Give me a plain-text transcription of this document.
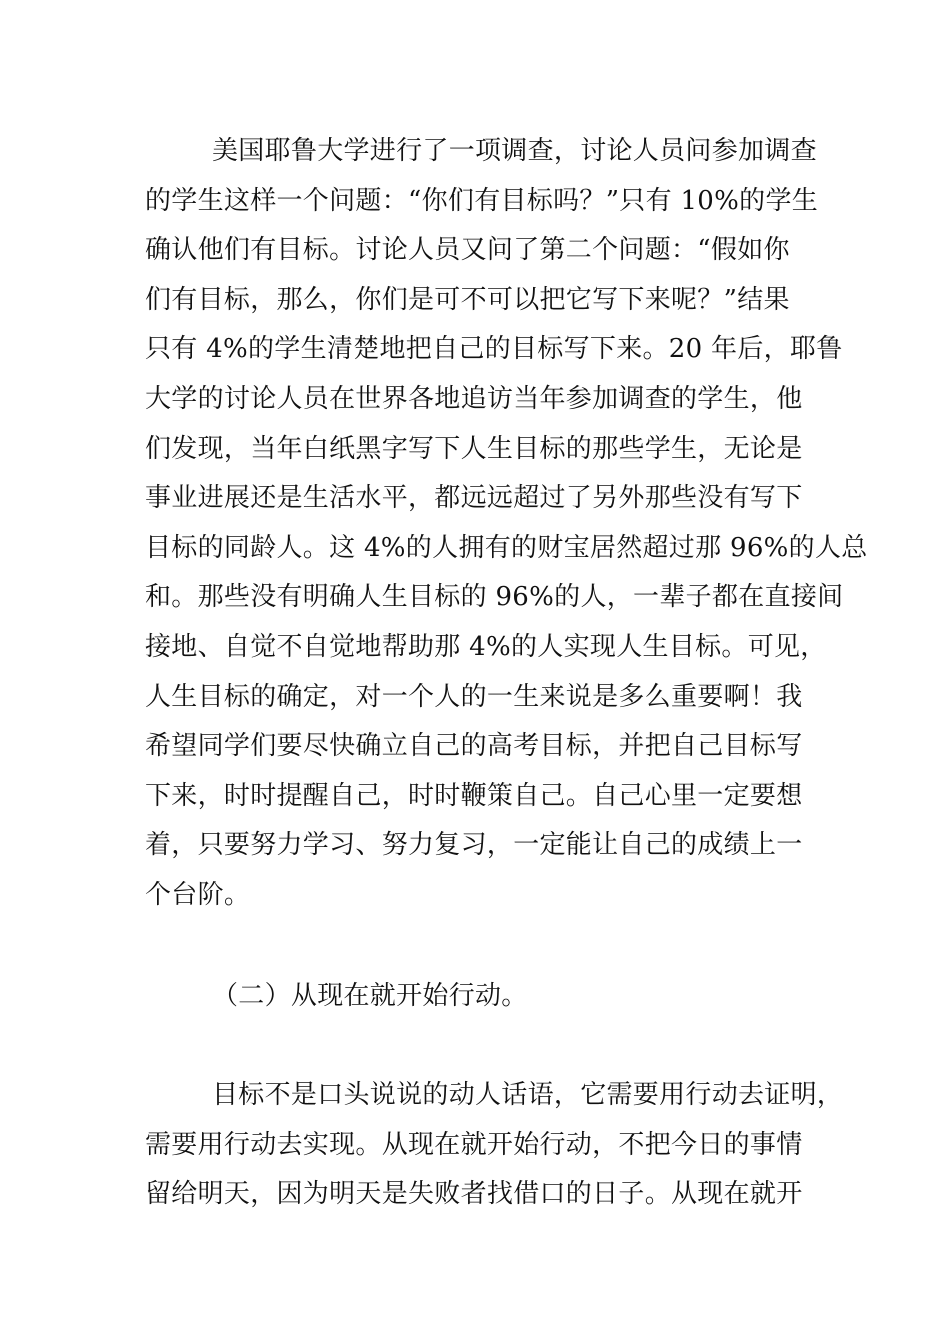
美国耶鲁大学进行了一项调查，讨论人员问参加调查
的学生这样一个问题：“你们有目标吗？”只有 10%的学生
确认他们有目标。讨论人员又问了第二个问题：“假如你
们有目标，那么，你们是可不可以把它写下来呢？”结果
只有 4%的学生清楚地把自己的目标写下来。20 年后，耶鲁
大学的讨论人员在世界各地追访当年参加调查的学生，他
们发现，当年白纸黑字写下人生目标的那些学生，无论是
事业进展还是生活水平，都远远超过了另外那些没有写下
目标的同龄人。这 4%的人拥有的财宝居然超过那 96%的人总
和。那些没有明确人生目标的 96%的人，一辈子都在直接间
接地、自觉不自觉地帮助那 4%的人实现人生目标。可见，
人生目标的确定，对一个人的一生来说是多么重要啊！我
希望同学们要尽快确立自己的高考目标，并把自己目标写
下来，时时提醒自己，时时鞭策自己。自己心里一定要想
着，只要努力学习、努力复习，一定能让自己的成绩上一
个台阶。
（二）从现在就开始行动。
目标不是口头说说的动人话语，它需要用行动去证明，
需要用行动去实现。从现在就开始行动，不把今日的事情
留给明天，因为明天是失败者找借口的日子。从现在就开
